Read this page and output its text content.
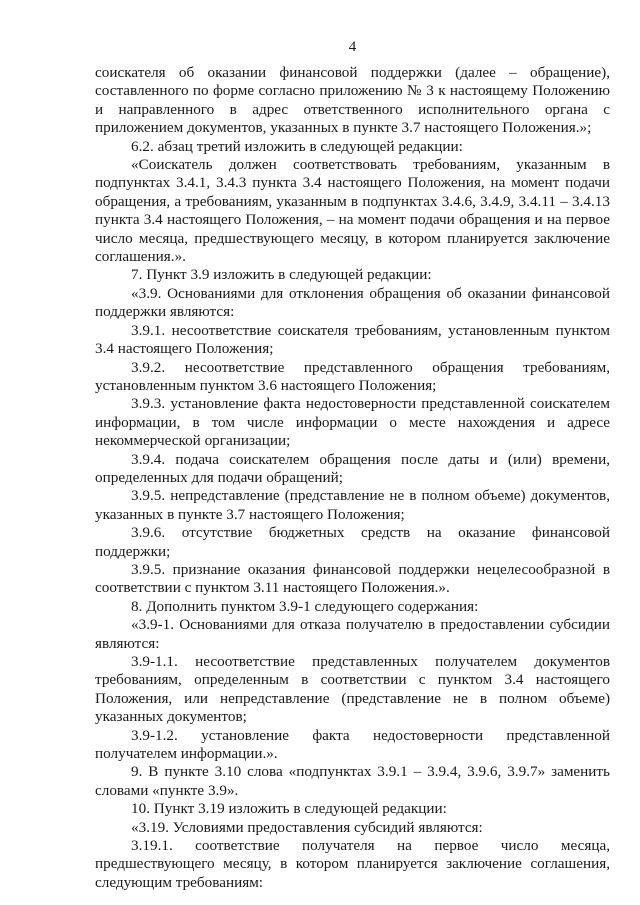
4

соискателя об оказании финансовой поддержки (далее – обращение), составленного по форме согласно приложению № 3 к настоящему Положению и направленного в адрес ответственного исполнительного органа с приложением документов, указанных в пункте 3.7 настоящего Положения.»;

6.2. абзац третий изложить в следующей редакции:

«Соискатель должен соответствовать требованиям, указанным в подпунктах 3.4.1, 3.4.3 пункта 3.4 настоящего Положения, на момент подачи обращения, а требованиям, указанным в подпунктах 3.4.6, 3.4.9, 3.4.11 – 3.4.13 пункта 3.4 настоящего Положения, – на момент подачи обращения и на первое число месяца, предшествующего месяцу, в котором планируется заключение соглашения.».

7. Пункт 3.9 изложить в следующей редакции:

«3.9. Основаниями для отклонения обращения об оказании финансовой поддержки являются:

3.9.1. несоответствие соискателя требованиям, установленным пунктом 3.4 настоящего Положения;

3.9.2. несоответствие представленного обращения требованиям, установленным пунктом 3.6 настоящего Положения;

3.9.3. установление факта недостоверности представленной соискателем информации, в том числе информации о месте нахождения и адресе некоммерческой организации;

3.9.4. подача соискателем обращения после даты и (или) времени, определенных для подачи обращений;

3.9.5. непредставление (представление не в полном объеме) документов, указанных в пункте 3.7 настоящего Положения;

3.9.6. отсутствие бюджетных средств на оказание финансовой поддержки;

3.9.5. признание оказания финансовой поддержки нецелесообразной в соответствии с пунктом 3.11 настоящего Положения.».

8. Дополнить пунктом 3.9-1 следующего содержания:

«3.9-1. Основаниями для отказа получателю в предоставлении субсидии являются:

3.9-1.1. несоответствие представленных получателем документов требованиям, определенным в соответствии с пунктом 3.4 настоящего Положения, или непредставление (представление не в полном объеме) указанных документов;

3.9-1.2. установление факта недостоверности представленной получателем информации.».

9. В пункте 3.10 слова «подпунктах 3.9.1 – 3.9.4, 3.9.6, 3.9.7» заменить словами «пункте 3.9».

10. Пункт 3.19 изложить в следующей редакции:

«3.19. Условиями предоставления субсидий являются:

3.19.1. соответствие получателя на первое число месяца, предшествующего месяцу, в котором планируется заключение соглашения, следующим требованиям:
